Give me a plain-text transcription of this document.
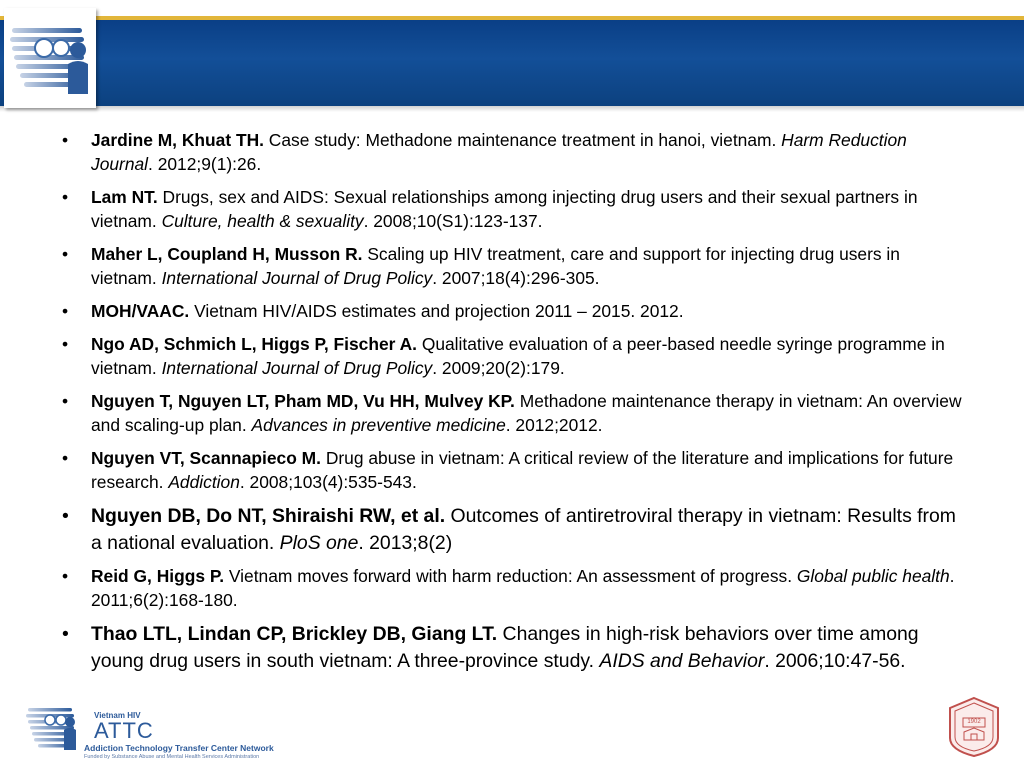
• Jardine M, Khuat TH. Case study: Methadone maintenance treatment in hanoi, vietnam. Harm Reduction Journal. 2012;9(1):26.
• Lam NT. Drugs, sex and AIDS: Sexual relationships among injecting drug users and their sexual partners in vietnam. Culture, health & sexuality. 2008;10(S1):123-137.
• Maher L, Coupland H, Musson R. Scaling up HIV treatment, care and support for injecting drug users in vietnam. International Journal of Drug Policy. 2007;18(4):296-305.
• MOH/VAAC. Vietnam HIV/AIDS estimates and projection 2011 – 2015. 2012.
• Ngo AD, Schmich L, Higgs P, Fischer A. Qualitative evaluation of a peer-based needle syringe programme in vietnam. International Journal of Drug Policy. 2009;20(2):179.
• Nguyen T, Nguyen LT, Pham MD, Vu HH, Mulvey KP. Methadone maintenance therapy in vietnam: An overview and scaling-up plan. Advances in preventive medicine. 2012;2012.
• Nguyen VT, Scannapieco M. Drug abuse in vietnam: A critical review of the literature and implications for future research. Addiction. 2008;103(4):535-543.
• Nguyen DB, Do NT, Shiraishi RW, et al. Outcomes of antiretroviral therapy in vietnam: Results from a national evaluation. PloS one. 2013;8(2)
• Reid G, Higgs P. Vietnam moves forward with harm reduction: An assessment of progress. Global public health. 2011;6(2):168-180.
• Thao LTL, Lindan CP, Brickley DB, Giang LT. Changes in high-risk behaviors over time among young drug users in south vietnam: A three-province study. AIDS and Behavior. 2006;10:47-56.
Vietnam HIV
ATTC
Addiction Technology Transfer Center Network
Funded by Substance Abuse and Mental Health Services Administration
1902
